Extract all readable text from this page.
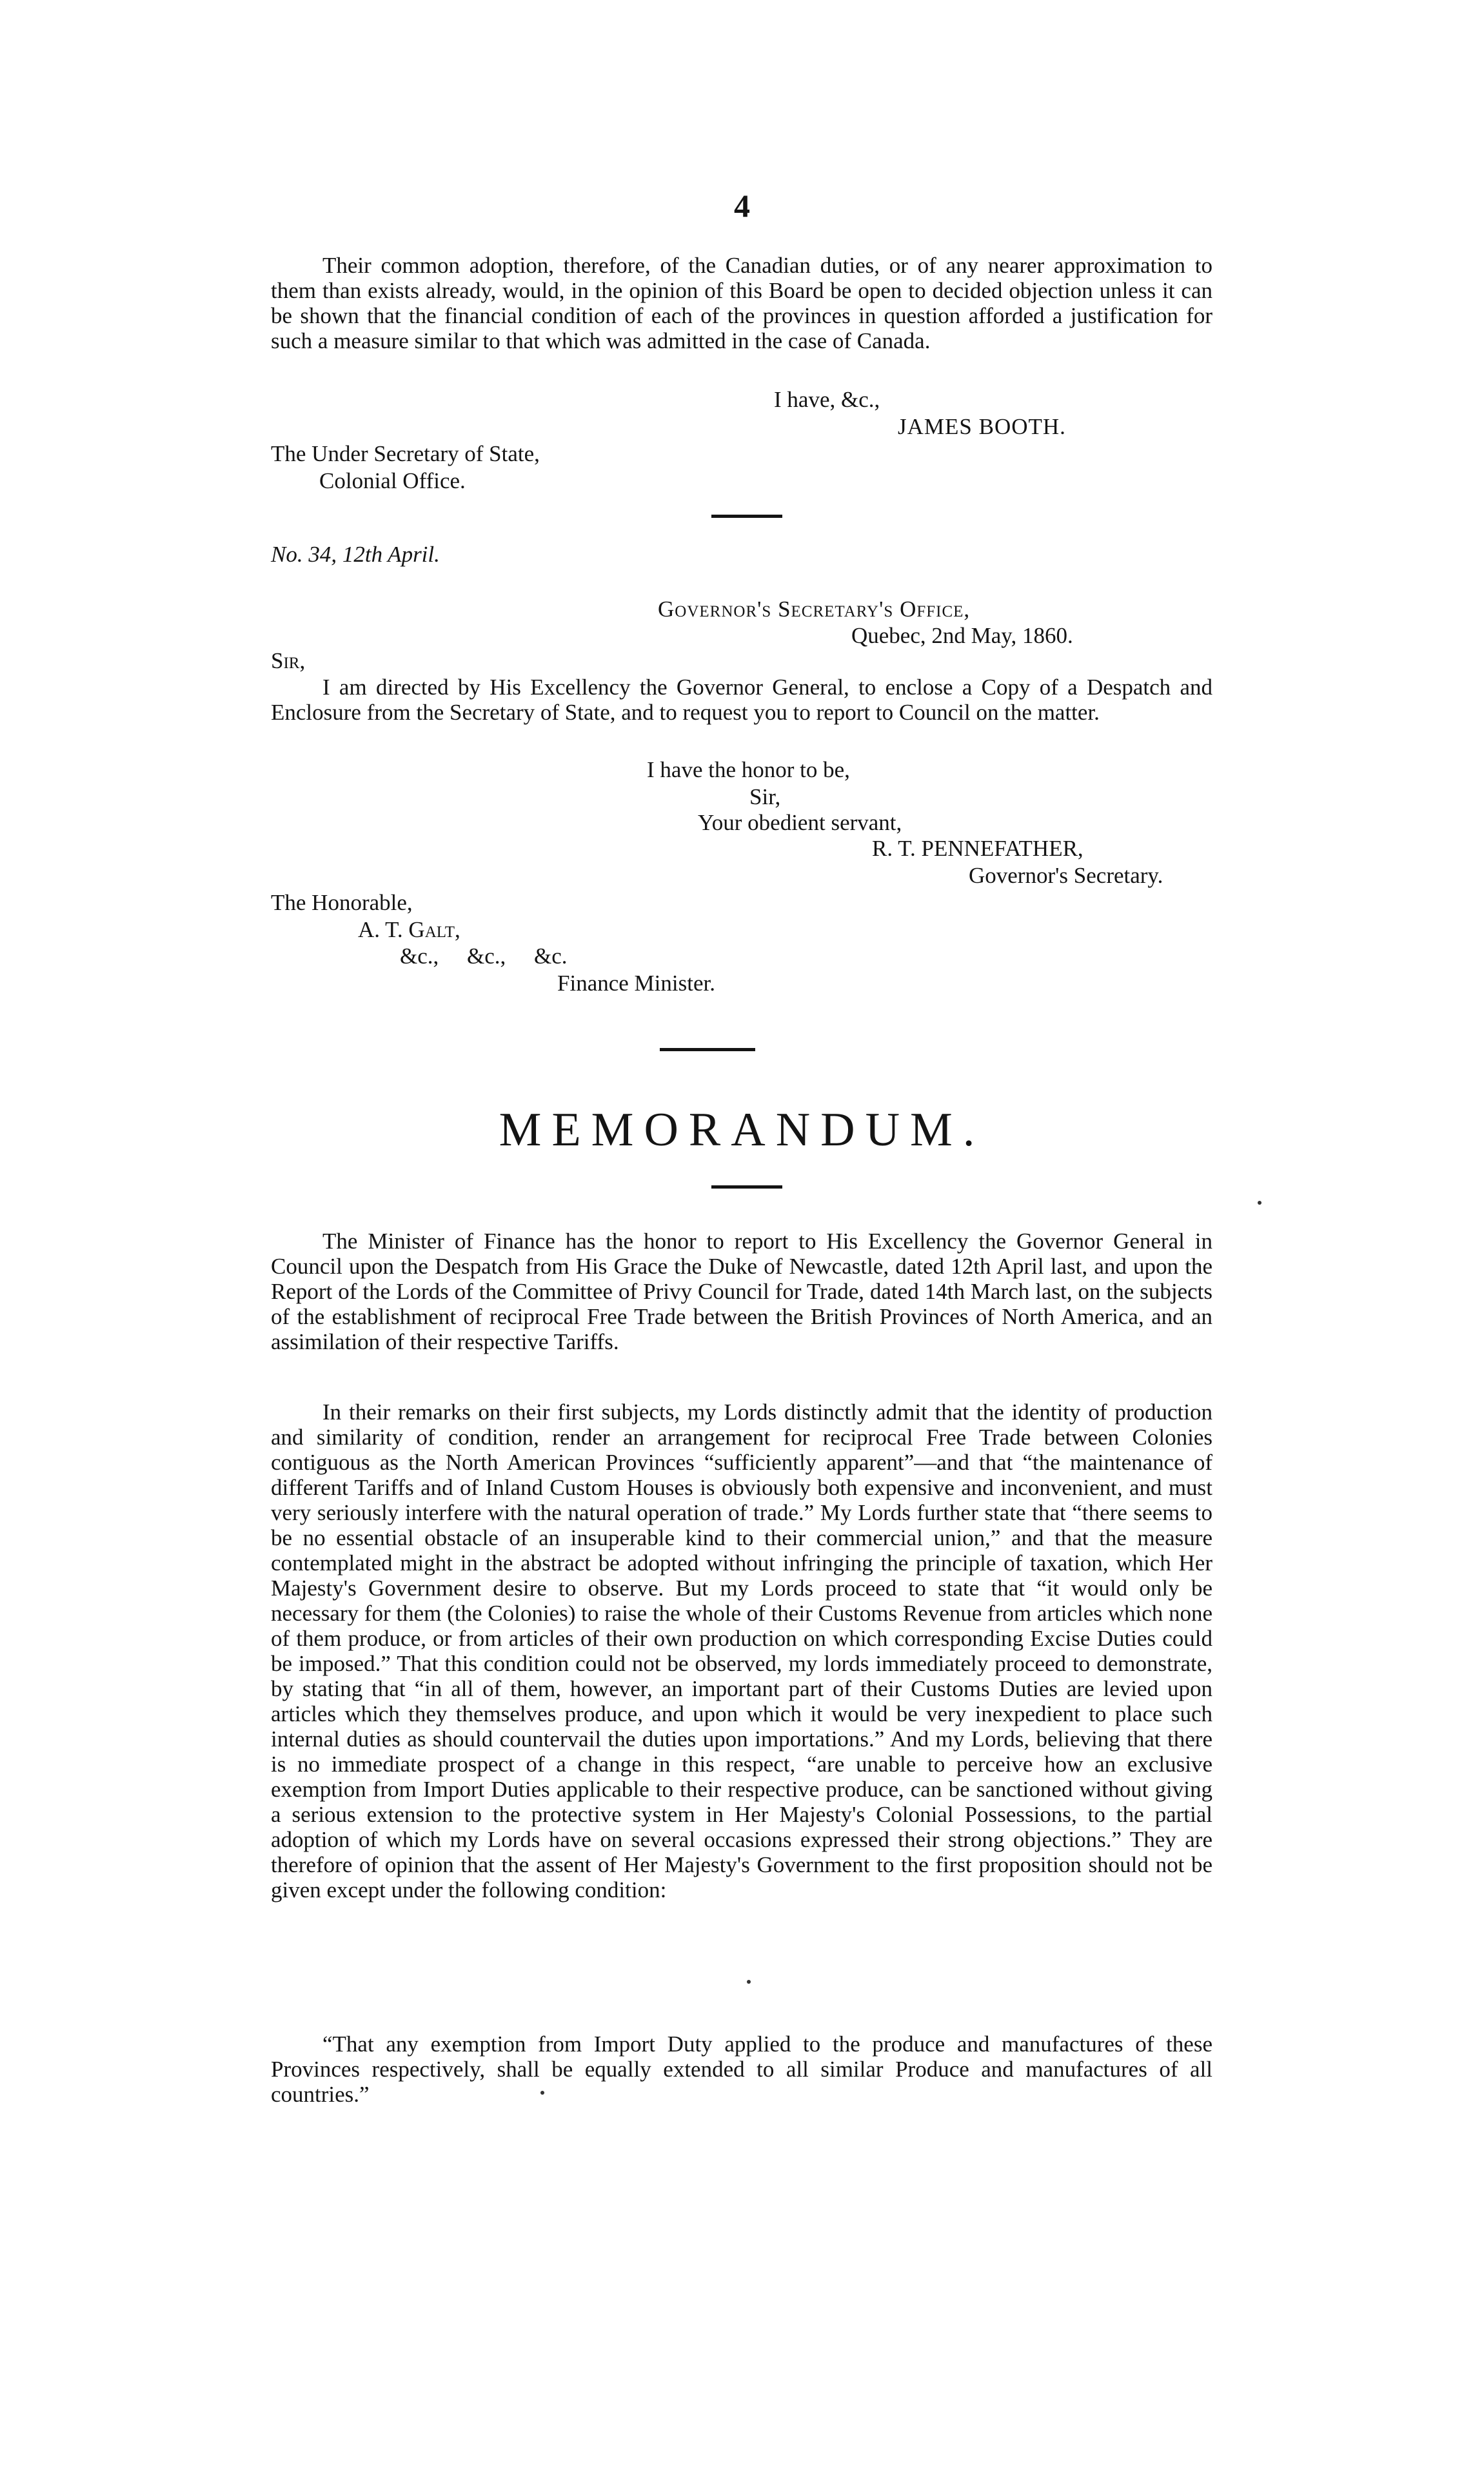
4
Their common adoption, therefore, of the Canadian duties, or of any nearer approximation to them than exists already, would, in the opinion of this Board be open to decided objection unless it can be shown that the financial condition of each of the provinces in question afforded a justification for such a measure similar to that which was admitted in the case of Canada.
I have, &c.,
JAMES BOOTH.
The Under Secretary of State,
Colonial Office.
No. 34, 12th April.
Governor's Secretary's Office,
Quebec, 2nd May, 1860.
Sir,
I am directed by His Excellency the Governor General, to enclose a Copy of a Despatch and Enclosure from the Secretary of State, and to request you to report to Council on the matter.
I have the honor to be,
Sir,
Your obedient servant,
R. T. PENNEFATHER,
Governor's Secretary.
The Honorable,
A. T. Galt,
&c.,     &c.,     &c.
Finance Minister.
MEMORANDUM.
The Minister of Finance has the honor to report to His Excellency the Governor General in Council upon the Despatch from His Grace the Duke of Newcastle, dated 12th April last, and upon the Report of the Lords of the Committee of Privy Council for Trade, dated 14th March last, on the subjects of the establishment of reciprocal Free Trade between the British Provinces of North America, and an assimilation of their respective Tariffs.
In their remarks on their first subjects, my Lords distinctly admit that the identity of production and similarity of condition, render an arrangement for reciprocal Free Trade between Colonies contiguous as the North American Provinces “sufficiently apparent”—and that “the maintenance of different Tariffs and of Inland Custom Houses is obviously both expensive and inconvenient, and must very seriously interfere with the natural operation of trade.” My Lords further state that “there seems to be no essential obstacle of an insuperable kind to their commercial union,” and that the measure contemplated might in the abstract be adopted without infringing the principle of taxation, which Her Majesty's Government desire to observe. But my Lords proceed to state that “it would only be necessary for them (the Colonies) to raise the whole of their Customs Revenue from articles which none of them produce, or from articles of their own production on which corresponding Excise Duties could be imposed.” That this condition could not be observed, my lords immediately proceed to demonstrate, by stating that “in all of them, however, an important part of their Customs Duties are levied upon articles which they themselves produce, and upon which it would be very inexpedient to place such internal duties as should countervail the duties upon importations.” And my Lords, believing that there is no immediate prospect of a change in this respect, “are unable to perceive how an exclusive exemption from Import Duties applicable to their respective produce, can be sanctioned without giving a serious extension to the protective system in Her Majesty's Colonial Possessions, to the partial adoption of which my Lords have on several occasions expressed their strong objections.” They are therefore of opinion that the assent of Her Majesty's Government to the first proposition should not be given except under the following condition:
“That any exemption from Import Duty applied to the produce and manufactures of these Provinces respectively, shall be equally extended to all similar Produce and manufactures of all countries.”
